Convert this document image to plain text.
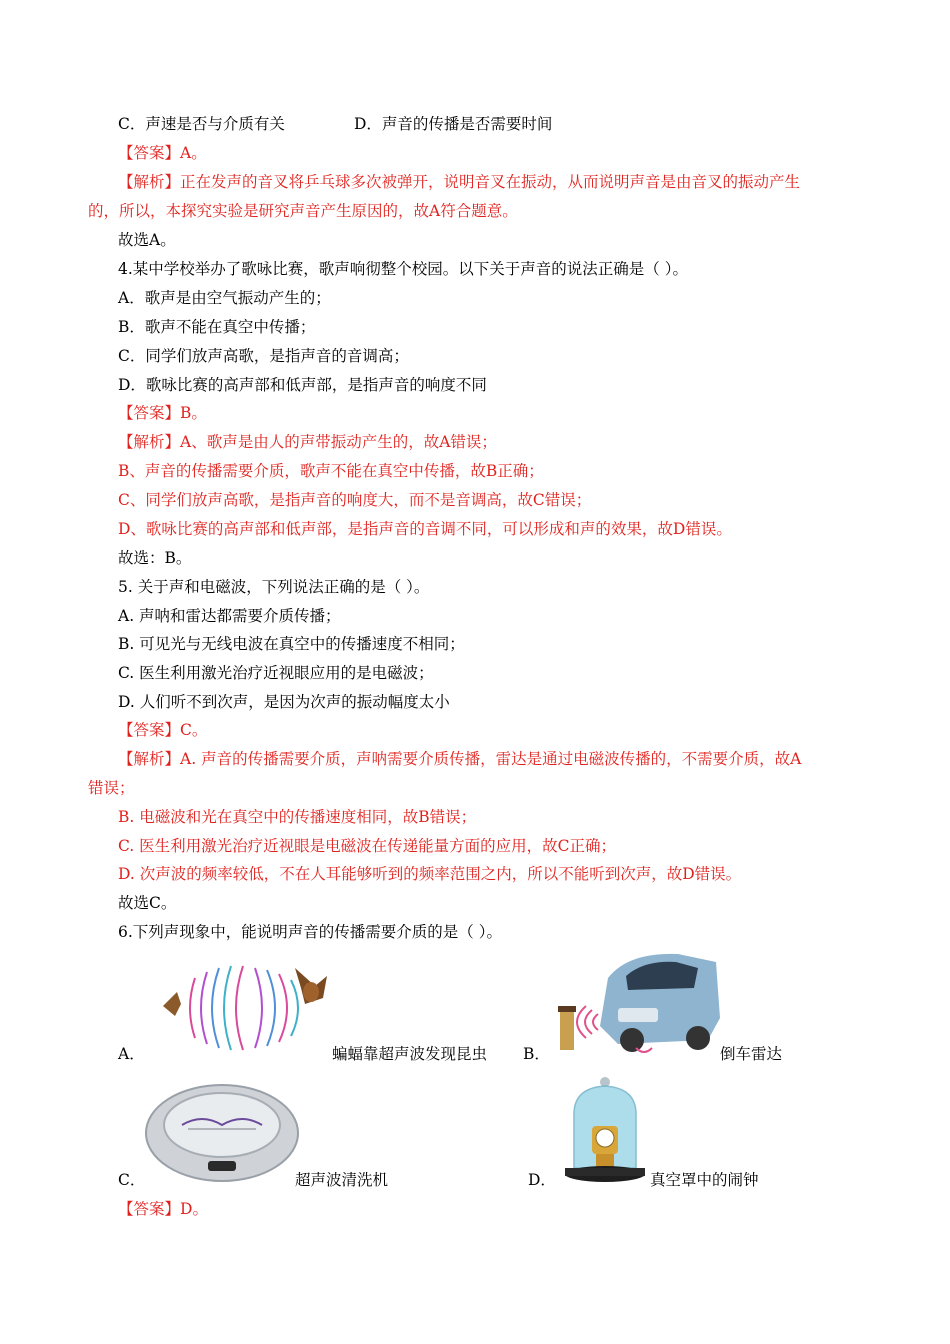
C．声速是否与介质有关	D．声音的传播是否需要时间
【答案】A。
【解析】正在发声的音叉将乒乓球多次被弹开，说明音叉在振动，从而说明声音是由音叉的振动产生
的，所以，本探究实验是研究声音产生原因的，故A符合题意。
故选A。
4.某中学校举办了歌咏比赛，歌声响彻整个校园。以下关于声音的说法正确是（ ）。
A．歌声是由空气振动产生的；
B．歌声不能在真空中传播；
C．同学们放声高歌，是指声音的音调高；
D．歌咏比赛的高声部和低声部，是指声音的响度不同
【答案】B。
【解析】A、歌声是由人的声带振动产生的，故A错误；
B、声音的传播需要介质，歌声不能在真空中传播，故B正确；
C、同学们放声高歌，是指声音的响度大，而不是音调高，故C错误；
D、歌咏比赛的高声部和低声部，是指声音的音调不同，可以形成和声的效果，故D错误。
故选：B。
5. 关于声和电磁波，下列说法正确的是（ ）。
A. 声呐和雷达都需要介质传播；
B. 可见光与无线电波在真空中的传播速度不相同；
C. 医生利用激光治疗近视眼应用的是电磁波；
D. 人们听不到次声，是因为次声的振动幅度太小
【答案】C。
【解析】A. 声音的传播需要介质，声呐需要介质传播，雷达是通过电磁波传播的，不需要介质，故A
错误；
B. 电磁波和光在真空中的传播速度相同，故B错误；
C. 医生利用激光治疗近视眼是电磁波在传递能量方面的应用，故C正确；
D. 次声波的频率较低，不在人耳能够听到的频率范围之内，所以不能听到次声，故D错误。
故选C。
6.下列声现象中，能说明声音的传播需要介质的是（ ）。
A．	蝙蝠靠超声波发现昆虫 B．	倒车雷达
C．	超声波清洗机	D．	真空罩中的闹钟
【答案】D。
